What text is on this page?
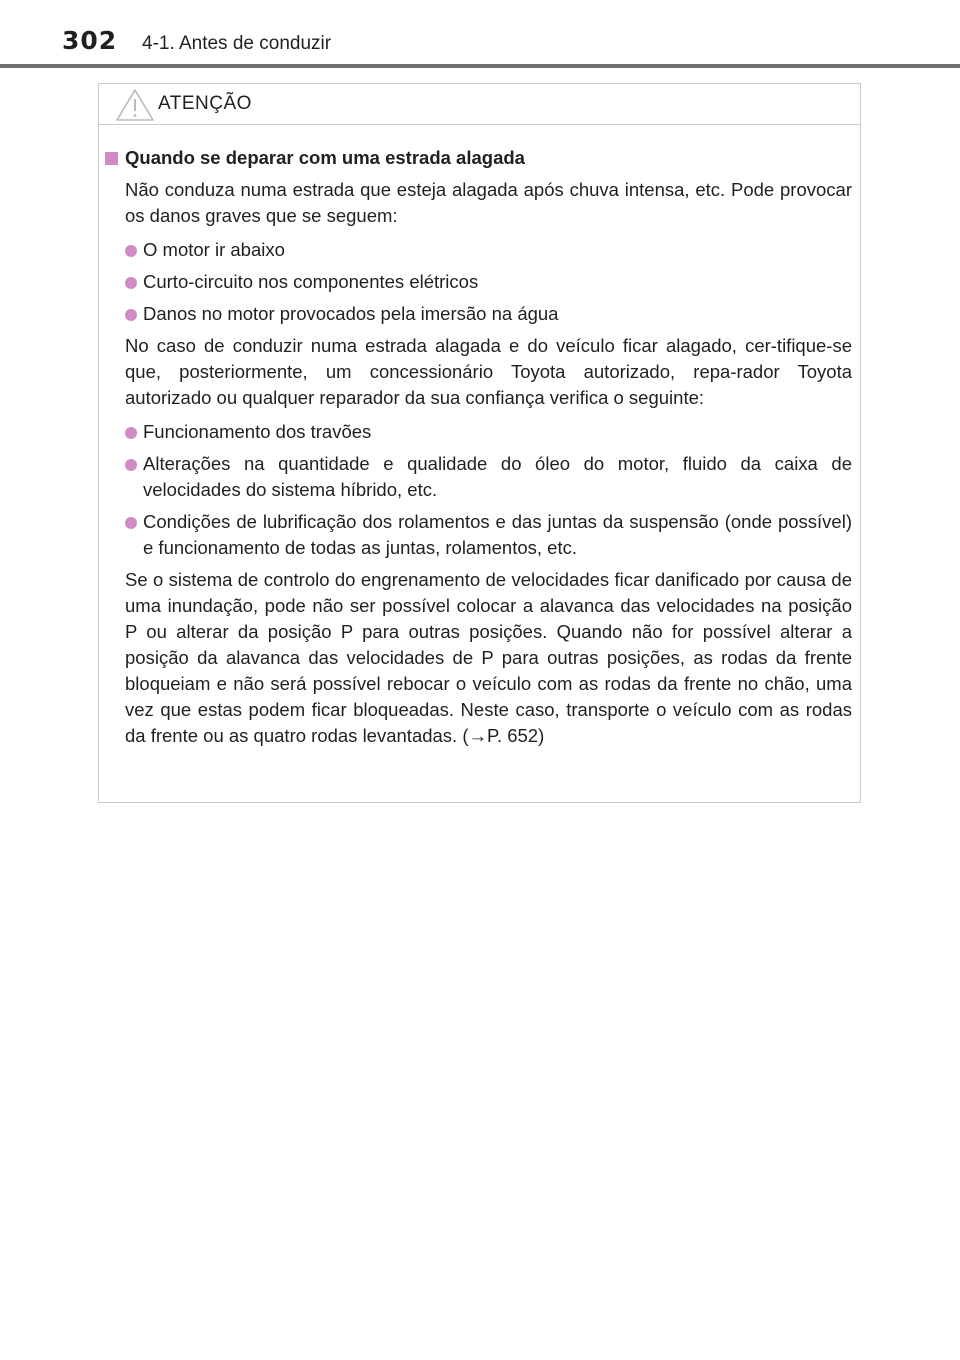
302 4-1. Antes de conduzir
ATENÇÃO
Quando se deparar com uma estrada alagada

Não conduza numa estrada que esteja alagada após chuva intensa, etc. Pode provocar os danos graves que se seguem:

O motor ir abaixo
Curto-circuito nos componentes elétricos
Danos no motor provocados pela imersão na água

No caso de conduzir numa estrada alagada e do veículo ficar alagado, cer-tifique-se que, posteriormente, um concessionário Toyota autorizado, repa-rador Toyota autorizado ou qualquer reparador da sua confiança verifica o seguinte:

Funcionamento dos travões
Alterações na quantidade e qualidade do óleo do motor, fluido da caixa de velocidades do sistema híbrido, etc.
Condições de lubrificação dos rolamentos e das juntas da suspensão (onde possível) e funcionamento de todas as juntas, rolamentos, etc.

Se o sistema de controlo do engrenamento de velocidades ficar danificado por causa de uma inundação, pode não ser possível colocar a alavanca das velocidades na posição P ou alterar da posição P para outras posições. Quando não for possível alterar a posição da alavanca das velocidades de P para outras posições, as rodas da frente bloqueiam e não será possível rebocar o veículo com as rodas da frente no chão, uma vez que estas podem ficar bloqueadas. Neste caso, transporte o veículo com as rodas da frente ou as quatro rodas levantadas. (→P. 652)
